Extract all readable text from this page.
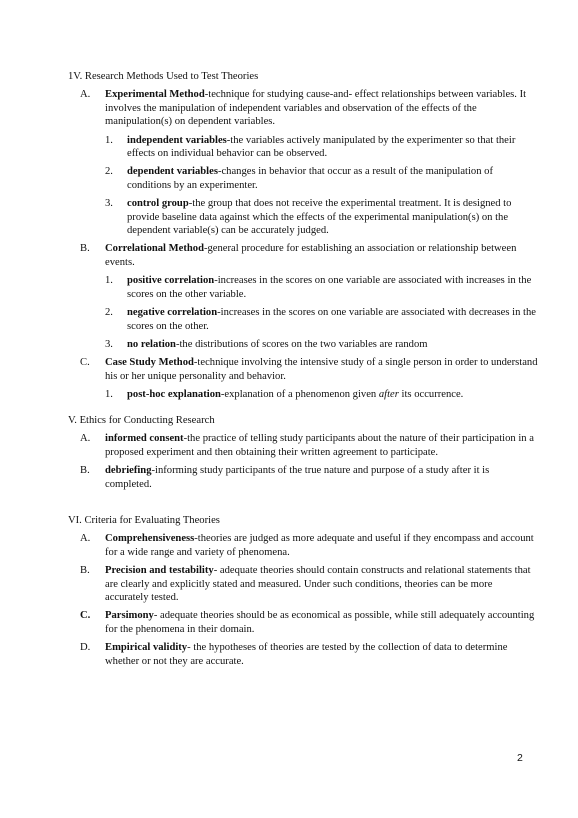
1V. Research Methods Used to Test Theories

A. Experimental Method-technique for studying cause-and- effect relationships between variables. It involves the manipulation of independent variables and observation of the effects of the manipulation(s) on dependent variables.
1. independent variables-the variables actively manipulated by the experimenter so that their effects on individual behavior can be observed.
2. dependent variables-changes in behavior that occur as a result of the manipulation of conditions by an experimenter.
3. control group-the group that does not receive the experimental treatment. It is designed to provide baseline data against which the effects of the experimental manipulation(s) on the dependent variable(s) can be accurately judged.
B. Correlational Method-general procedure for establishing an association or relationship between events.
1. positive correlation-increases in the scores on one variable are associated with increases in the scores on the other variable.
2. negative correlation-increases in the scores on one variable are associated with decreases in the scores on the other.
3. no relation-the distributions of scores on the two variables are random
C. Case Study Method-technique involving the intensive study of a single person in order to understand his or her unique personality and behavior.
1. post-hoc explanation-explanation of a phenomenon given after its occurrence.

V. Ethics for Conducting Research

A. informed consent-the practice of telling study participants about the nature of their participation in a proposed experiment and then obtaining their written agreement to participate.
B. debriefing-informing study participants of the true nature and purpose of a study after it is completed.

VI. Criteria for Evaluating Theories

A. Comprehensiveness-theories are judged as more adequate and useful if they encompass and account for a wide range and variety of phenomena.
B. Precision and testability- adequate theories should contain constructs and relational statements that are clearly and explicitly stated and measured. Under such conditions, theories can be more accurately tested.
C. Parsimony- adequate theories should be as economical as possible, while still adequately accounting for the phenomena in their domain.
D. Empirical validity- the hypotheses of theories are tested by the collection of data to determine whether or not they are accurate.
2
